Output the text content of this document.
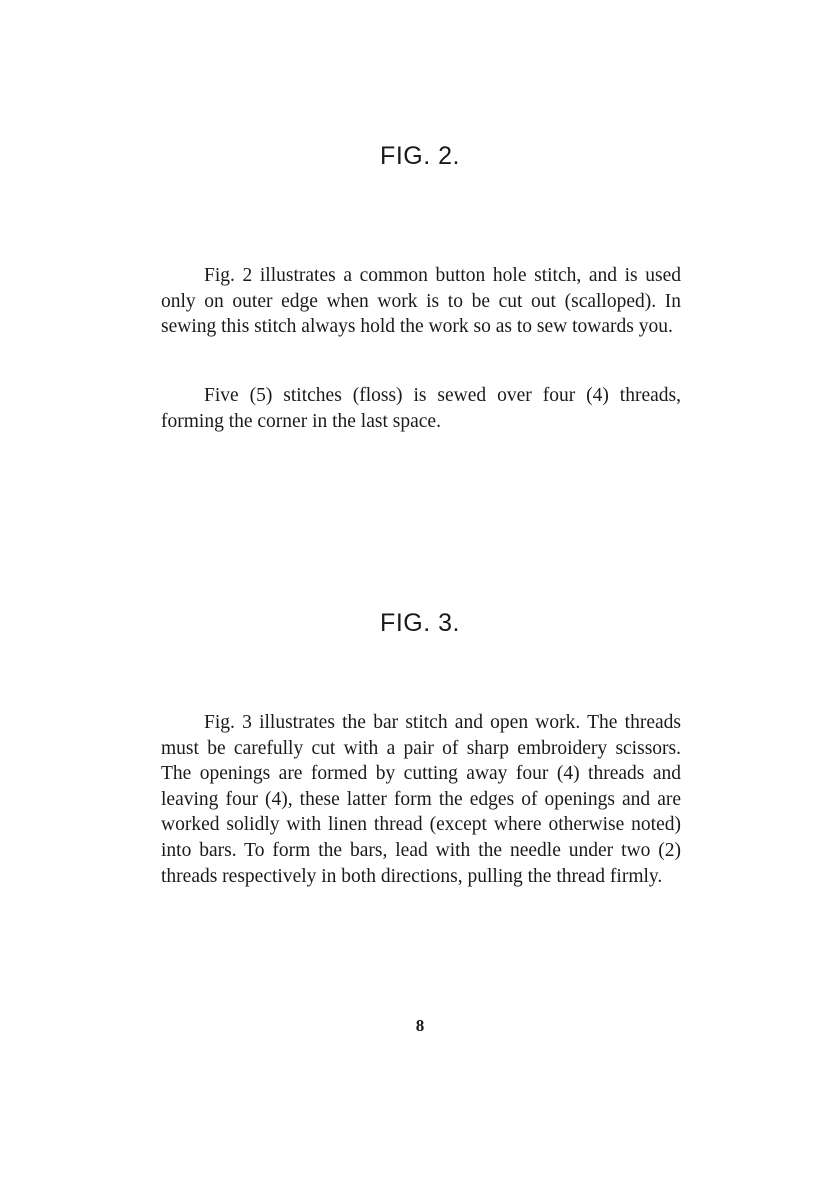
FIG. 2.

Fig. 2 illustrates a common button hole stitch, and is used only on outer edge when work is to be cut out (scalloped). In sewing this stitch always hold the work so as to sew towards you.

Five (5) stitches (floss) is sewed over four (4) threads, forming the corner in the last space.

FIG. 3.

Fig. 3 illustrates the bar stitch and open work. The threads must be carefully cut with a pair of sharp embroidery scissors. The openings are formed by cutting away four (4) threads and leaving four (4), these latter form the edges of openings and are worked solidly with linen thread (except where otherwise noted) into bars. To form the bars, lead with the needle under two (2) threads respectively in both directions, pulling the thread firmly.

8
